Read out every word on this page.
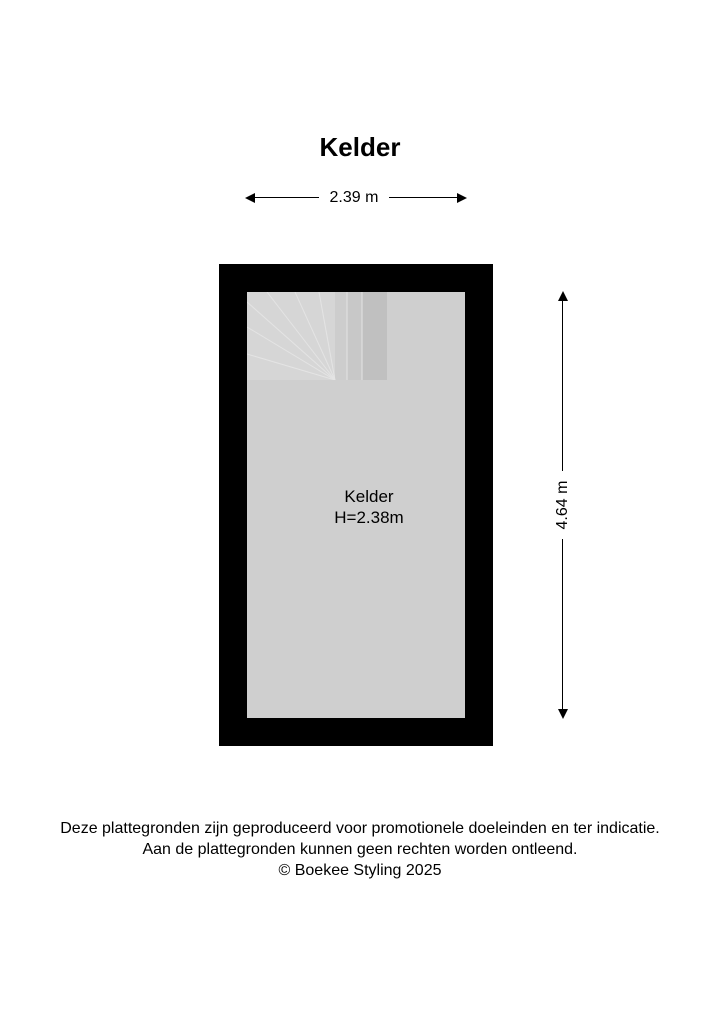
Kelder
2.39 m
Kelder
H=2.38m	4.64 m
Deze plattegronden zijn geproduceerd voor promotionele doeleinden en ter indicatie.
Aan de plattegronden kunnen geen rechten worden ontleend.
© Boekee Styling 2025
